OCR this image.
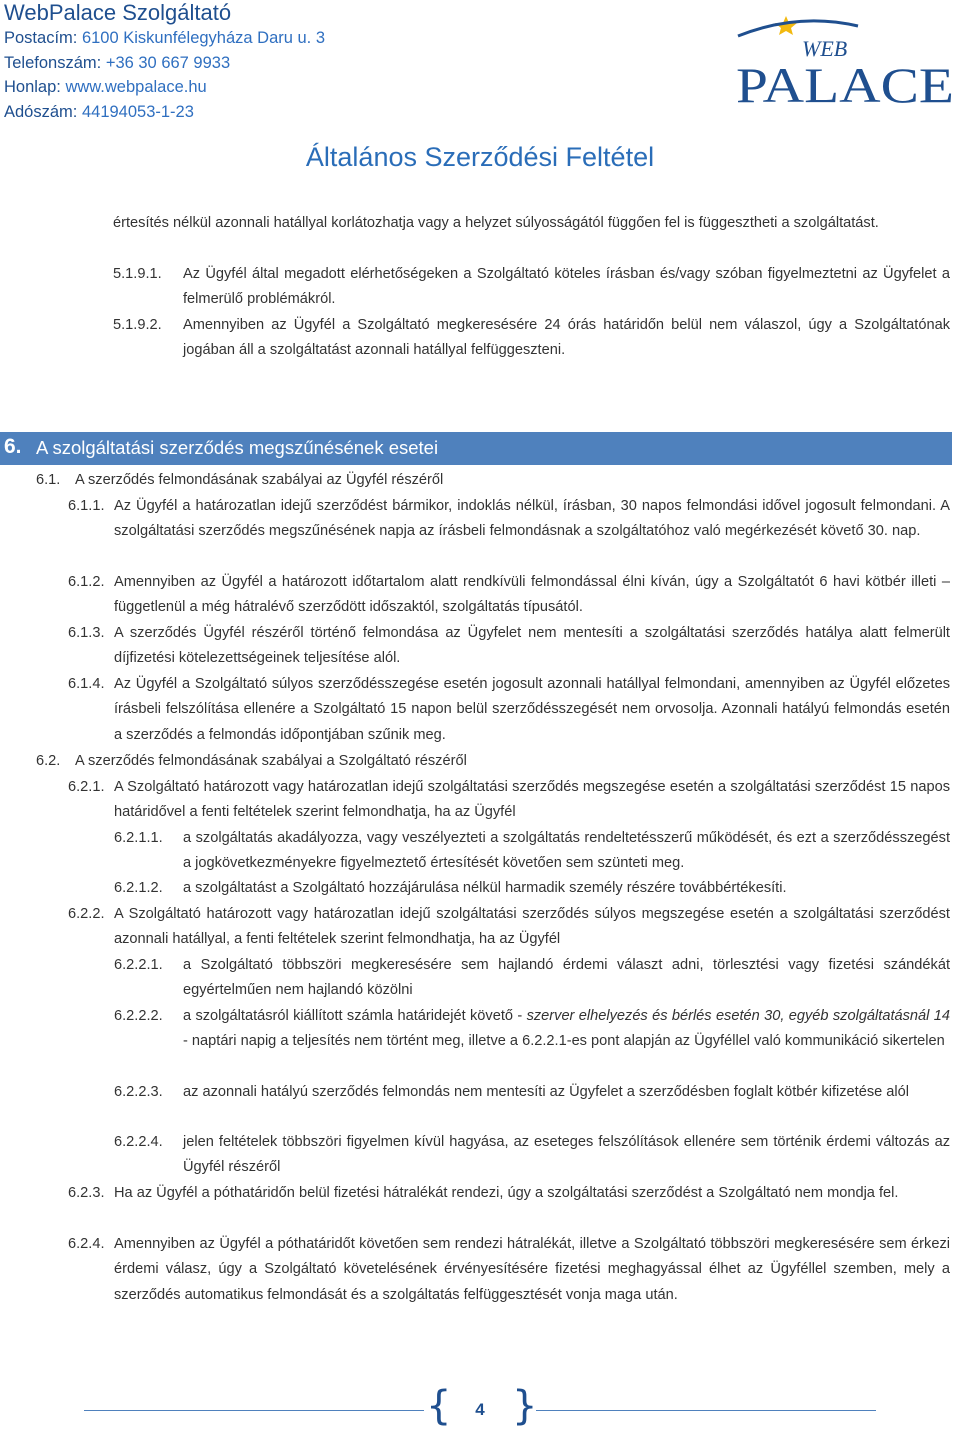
WebPalace Szolgáltató
Postacím: 6100 Kiskunfélegyháza Daru u. 3
Telefonszám: +36 30 667 9933
Honlap: www.webpalace.hu
Adószám: 44194053-1-23
WEB
PALACE
Általános Szerződési Feltétel
értesítés nélkül azonnali hatállyal korlátozhatja vagy a helyzet súlyosságától függően fel is függesztheti a szolgáltatást.
5.1.9.1. Az Ügyfél által megadott elérhetőségeken a Szolgáltató köteles írásban és/vagy szóban figyelmeztetni az Ügyfelet a felmerülő problémákról.
5.1.9.2. Amennyiben az Ügyfél a Szolgáltató megkeresésére 24 órás határidőn belül nem válaszol, úgy a Szolgáltatónak jogában áll a szolgáltatást azonnali hatállyal felfüggeszteni.
6. A szolgáltatási szerződés megszűnésének esetei
6.1. A szerződés felmondásának szabályai az Ügyfél részéről
6.1.1. Az Ügyfél a határozatlan idejű szerződést bármikor, indoklás nélkül, írásban, 30 napos felmondási idővel jogosult felmondani. A szolgáltatási szerződés megszűnésének napja az írásbeli felmondásnak a szolgáltatóhoz való megérkezését követő 30. nap.
6.1.2. Amennyiben az Ügyfél a határozott időtartalom alatt rendkívüli felmondással élni kíván, úgy a Szolgáltatót 6 havi kötbér illeti – függetlenül a még hátralévő szerződött időszaktól, szolgáltatás típusától.
6.1.3. A szerződés Ügyfél részéről történő felmondása az Ügyfelet nem mentesíti a szolgáltatási szerződés hatálya alatt felmerült díjfizetési kötelezettségeinek teljesítése alól.
6.1.4. Az Ügyfél a Szolgáltató súlyos szerződésszegése esetén jogosult azonnali hatállyal felmondani, amennyiben az Ügyfél előzetes írásbeli felszólítása ellenére a Szolgáltató 15 napon belül szerződésszegését nem orvosolja. Azonnali hatályú felmondás esetén a szerződés a felmondás időpontjában szűnik meg.
6.2. A szerződés felmondásának szabályai a Szolgáltató részéről
6.2.1. A Szolgáltató határozott vagy határozatlan idejű szolgáltatási szerződés megszegése esetén a szolgáltatási szerződést 15 napos határidővel a fenti feltételek szerint felmondhatja, ha az Ügyfél
6.2.1.1. a szolgáltatás akadályozza, vagy veszélyezteti a szolgáltatás rendeltetésszerű működését, és ezt a szerződésszegést a jogkövetkezményekre figyelmeztető értesítését követően sem szünteti meg.
6.2.1.2. a szolgáltatást a Szolgáltató hozzájárulása nélkül harmadik személy részére továbbértékesíti.
6.2.2. A Szolgáltató határozott vagy határozatlan idejű szolgáltatási szerződés súlyos megszegése esetén a szolgáltatási szerződést azonnali hatállyal, a fenti feltételek szerint felmondhatja, ha az Ügyfél
6.2.2.1. a Szolgáltató többszöri megkeresésére sem hajlandó érdemi választ adni, törlesztési vagy fizetési szándékát egyértelműen nem hajlandó közölni
6.2.2.2. a szolgáltatásról kiállított számla határidejét követő - szerver elhelyezés és bérlés esetén 30, egyéb szolgáltatásnál 14 - naptári napig a teljesítés nem történt meg, illetve a 6.2.2.1-es pont alapján az Ügyféllel való kommunikáció sikertelen
6.2.2.3. az azonnali hatályú szerződés felmondás nem mentesíti az Ügyfelet a szerződésben foglalt kötbér kifizetése alól
6.2.2.4. jelen feltételek többszöri figyelmen kívül hagyása, az eseteges felszólítások ellenére sem történik érdemi változás az Ügyfél részéről
6.2.3. Ha az Ügyfél a póthatáridőn belül fizetési hátralékát rendezi, úgy a szolgáltatási szerződést a Szolgáltató nem mondja fel.
6.2.4. Amennyiben az Ügyfél a póthatáridőt követően sem rendezi hátralékát, illetve a Szolgáltató többszöri megkeresésére sem érkezi érdemi válasz, úgy a Szolgáltató követelésének érvényesítésére fizetési meghagyással élhet az Ügyféllel szemben, mely a szerződés automatikus felmondását és a szolgáltatás felfüggesztését vonja maga után.
{ }
4
